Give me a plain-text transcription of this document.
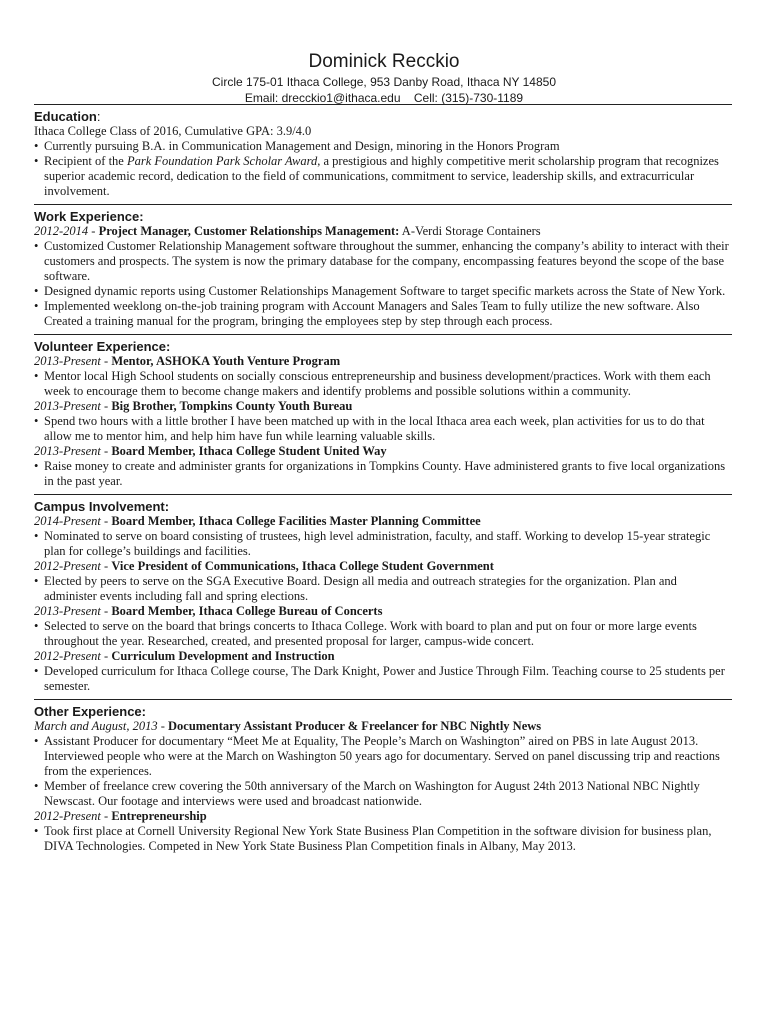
Dominick Recckio
Circle 175-01 Ithaca College, 953 Danby Road, Ithaca NY 14850
Email: drecckio1@ithaca.edu Cell: (315)-730-1189
Education:
Ithaca College Class of 2016, Cumulative GPA: 3.9/4.0
• Currently pursuing B.A. in Communication Management and Design, minoring in the Honors Program
• Recipient of the Park Foundation Park Scholar Award, a prestigious and highly competitive merit scholarship program that recognizes superior academic record, dedication to the field of communications, commitment to service, leadership skills, and extracurricular involvement.
Work Experience:
2012-2014 - Project Manager, Customer Relationships Management: A-Verdi Storage Containers
• Customized Customer Relationship Management software throughout the summer, enhancing the company’s ability to interact with their customers and prospects. The system is now the primary database for the company, encompassing features beyond the scope of the base software.
• Designed dynamic reports using Customer Relationships Management Software to target specific markets across the State of New York.
• Implemented weeklong on-the-job training program with Account Managers and Sales Team to fully utilize the new software. Also Created a training manual for the program, bringing the employees step by step through each process.
Volunteer Experience:
2013-Present - Mentor, ASHOKA Youth Venture Program
• Mentor local High School students on socially conscious entrepreneurship and business development/practices. Work with them each week to encourage them to become change makers and identify problems and possible solutions within a community.
2013-Present - Big Brother, Tompkins County Youth Bureau
• Spend two hours with a little brother I have been matched up with in the local Ithaca area each week, plan activities for us to do that allow me to mentor him, and help him have fun while learning valuable skills.
2013-Present - Board Member, Ithaca College Student United Way
• Raise money to create and administer grants for organizations in Tompkins County. Have administered grants to five local organizations in the past year.
Campus Involvement:
2014-Present - Board Member, Ithaca College Facilities Master Planning Committee
• Nominated to serve on board consisting of trustees, high level administration, faculty, and staff. Working to develop 15-year strategic plan for college’s buildings and facilities.
2012-Present - Vice President of Communications, Ithaca College Student Government
• Elected by peers to serve on the SGA Executive Board. Design all media and outreach strategies for the organization. Plan and administer events including fall and spring elections.
2013-Present - Board Member, Ithaca College Bureau of Concerts
• Selected to serve on the board that brings concerts to Ithaca College. Work with board to plan and put on four or more large events throughout the year. Researched, created, and presented proposal for larger, campus-wide concert.
2012-Present - Curriculum Development and Instruction
• Developed curriculum for Ithaca College course, The Dark Knight, Power and Justice Through Film. Teaching course to 25 students per semester.
Other Experience:
March and August, 2013 - Documentary Assistant Producer & Freelancer for NBC Nightly News
• Assistant Producer for documentary “Meet Me at Equality, The People’s March on Washington” aired on PBS in late August 2013. Interviewed people who were at the March on Washington 50 years ago for documentary. Served on panel discussing trip and reactions from the experiences.
• Member of freelance crew covering the 50th anniversary of the March on Washington for August 24th 2013 National NBC Nightly Newscast. Our footage and interviews were used and broadcast nationwide.
2012-Present - Entrepreneurship
• Took first place at Cornell University Regional New York State Business Plan Competition in the software division for business plan, DIVA Technologies. Competed in New York State Business Plan Competition finals in Albany, May 2013.
